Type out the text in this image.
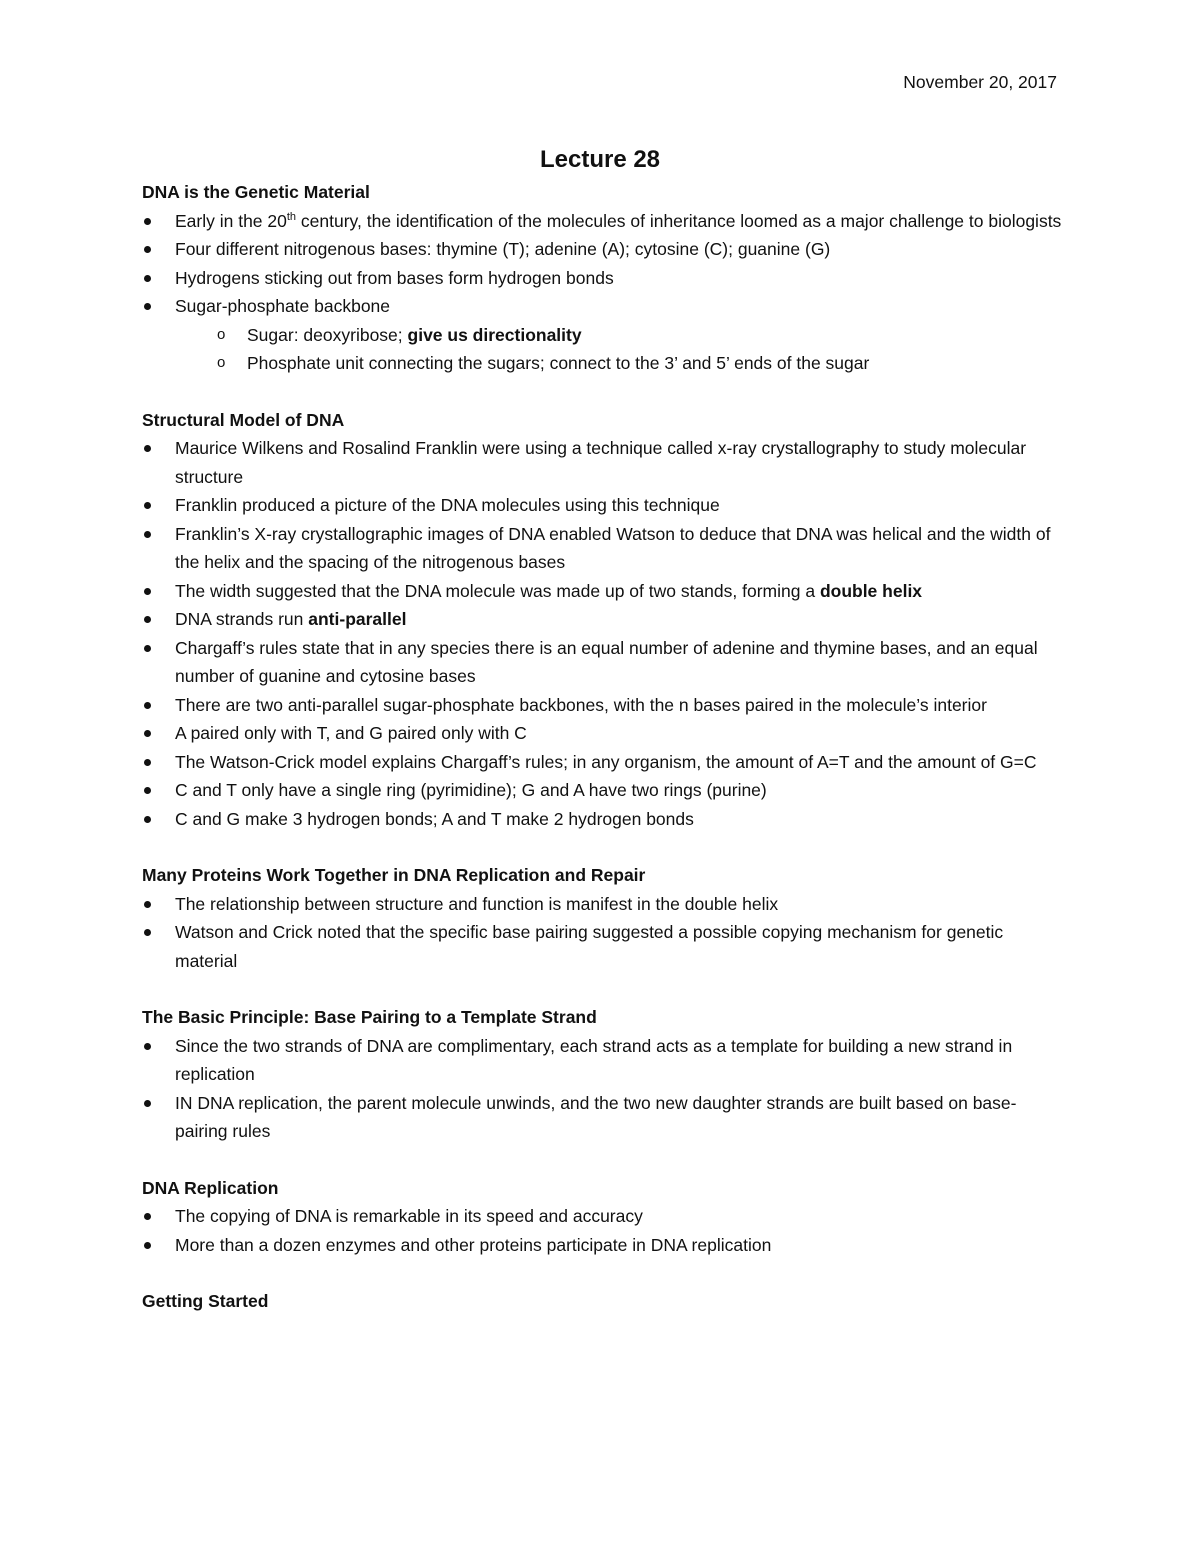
November 20, 2017
Lecture 28

DNA is the Genetic Material

Early in the 20th century, the identification of the molecules of inheritance loomed as a major challenge to biologists
Four different nitrogenous bases: thymine (T); adenine (A); cytosine (C); guanine (G)
Hydrogens sticking out from bases form hydrogen bonds
Sugar-phosphate backbone
o Sugar: deoxyribose; give us directionality
o Phosphate unit connecting the sugars; connect to the 3’ and 5’ ends of the sugar

Structural Model of DNA

Maurice Wilkens and Rosalind Franklin were using a technique called x-ray crystallography to study molecular structure
Franklin produced a picture of the DNA molecules using this technique
Franklin’s X-ray crystallographic images of DNA enabled Watson to deduce that DNA was helical and the width of the helix and the spacing of the nitrogenous bases
The width suggested that the DNA molecule was made up of two stands, forming a double helix
DNA strands run anti-parallel
Chargaff’s rules state that in any species there is an equal number of adenine and thymine bases, and an equal number of guanine and cytosine bases
There are two anti-parallel sugar-phosphate backbones, with the n bases paired in the molecule’s interior
A paired only with T, and G paired only with C
The Watson-Crick model explains Chargaff’s rules; in any organism, the amount of A=T and the amount of G=C
C and T only have a single ring (pyrimidine); G and A have two rings (purine)
C and G make 3 hydrogen bonds; A and T make 2 hydrogen bonds

Many Proteins Work Together in DNA Replication and Repair

The relationship between structure and function is manifest in the double helix
Watson and Crick noted that the specific base pairing suggested a possible copying mechanism for genetic material

The Basic Principle: Base Pairing to a Template Strand

Since the two strands of DNA are complimentary, each strand acts as a template for building a new strand in replication
IN DNA replication, the parent molecule unwinds, and the two new daughter strands are built based on base-pairing rules

DNA Replication

The copying of DNA is remarkable in its speed and accuracy
More than a dozen enzymes and other proteins participate in DNA replication

Getting Started
